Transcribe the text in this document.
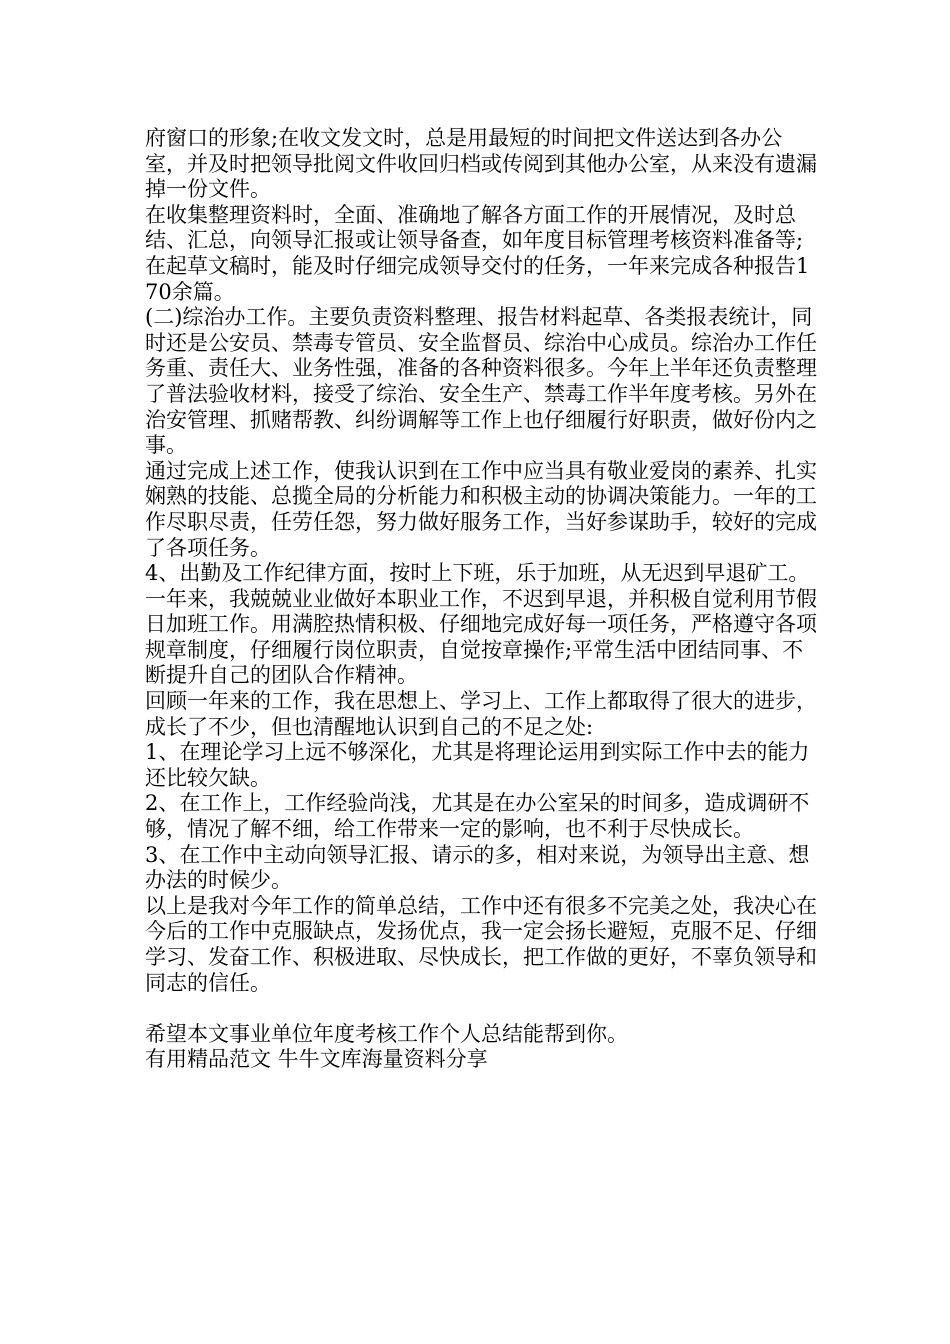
府窗口的形象;在收文发文时，总是用最短的时间把文件送达到各办公室，并及时把领导批阅文件收回归档或传阅到其他办公室，从来没有遗漏掉一份文件。

在收集整理资料时，全面、准确地了解各方面工作的开展情况，及时总结、汇总，向领导汇报或让领导备查，如年度目标管理考核资料准备等;在起草文稿时，能及时仔细完成领导交付的任务，一年来完成各种报告170余篇。

(二)综治办工作。主要负责资料整理、报告材料起草、各类报表统计，同时还是公安员、禁毒专管员、安全监督员、综治中心成员。综治办工作任务重、责任大、业务性强，准备的各种资料很多。今年上半年还负责整理了普法验收材料，接受了综治、安全生产、禁毒工作半年度考核。另外在治安管理、抓赌帮教、纠纷调解等工作上也仔细履行好职责，做好份内之事。

通过完成上述工作，使我认识到在工作中应当具有敬业爱岗的素养、扎实娴熟的技能、总揽全局的分析能力和积极主动的协调决策能力。一年的工作尽职尽责，任劳任怨，努力做好服务工作，当好参谋助手，较好的完成了各项任务。

4、出勤及工作纪律方面，按时上下班，乐于加班，从无迟到早退矿工。

一年来，我兢兢业业做好本职业工作，不迟到早退，并积极自觉利用节假日加班工作。用满腔热情积极、仔细地完成好每一项任务，严格遵守各项规章制度，仔细履行岗位职责，自觉按章操作;平常生活中团结同事、不断提升自己的团队合作精神。

回顾一年来的工作，我在思想上、学习上、工作上都取得了很大的进步，成长了不少，但也清醒地认识到自己的不足之处:

1、在理论学习上远不够深化，尤其是将理论运用到实际工作中去的能力还比较欠缺。

2、在工作上，工作经验尚浅，尤其是在办公室呆的时间多，造成调研不够，情况了解不细，给工作带来一定的影响，也不利于尽快成长。

3、在工作中主动向领导汇报、请示的多，相对来说，为领导出主意、想办法的时候少。

以上是我对今年工作的简单总结，工作中还有很多不完美之处，我决心在今后的工作中克服缺点，发扬优点，我一定会扬长避短，克服不足、仔细学习、发奋工作、积极进取、尽快成长，把工作做的更好，不辜负领导和同志的信任。

希望本文事业单位年度考核工作个人总结能帮到你。

有用精品范文 牛牛文库海量资料分享
